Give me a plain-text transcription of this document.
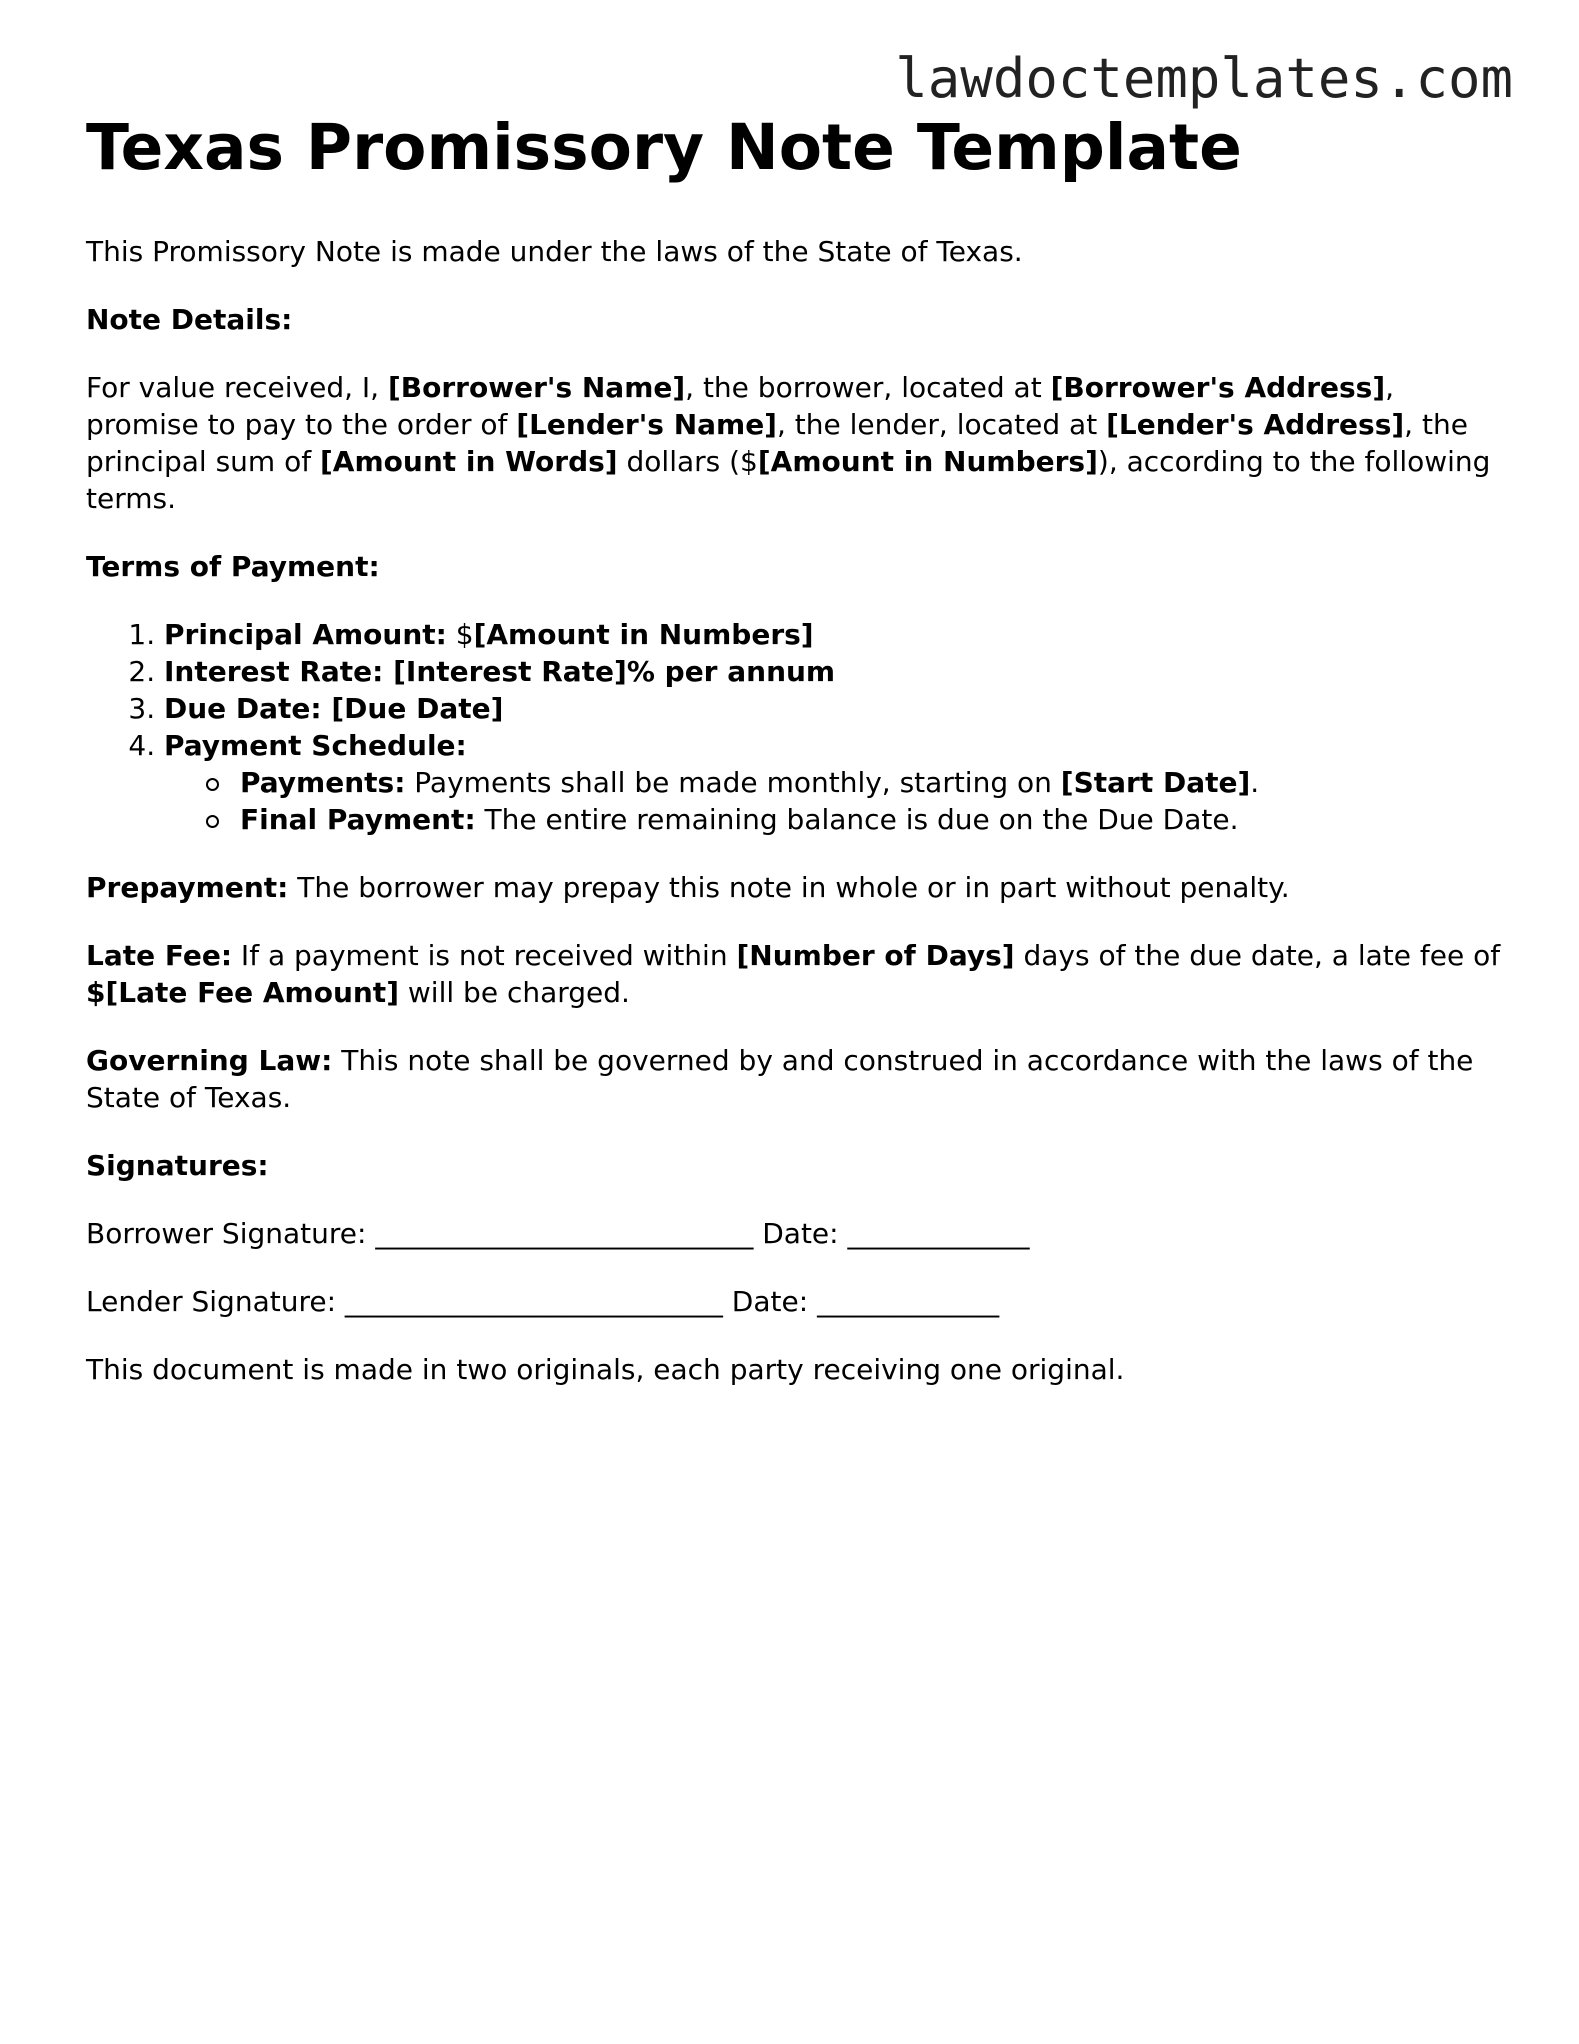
lawdoctemplates.com
Texas Promissory Note Template

This Promissory Note is made under the laws of the State of Texas.

Note Details:

For value received, I, [Borrower's Name], the borrower, located at [Borrower's Address], promise to pay to the order of [Lender's Name], the lender, located at [Lender's Address], the principal sum of [Amount in Words] dollars ($[Amount in Numbers]), according to the following terms.

Terms of Payment:

1. Principal Amount: $[Amount in Numbers]
2. Interest Rate: [Interest Rate]% per annum
3. Due Date: [Due Date]
4. Payment Schedule:
Payments: Payments shall be made monthly, starting on [Start Date].
Final Payment: The entire remaining balance is due on the Due Date.

Prepayment: The borrower may prepay this note in whole or in part without penalty.

Late Fee: If a payment is not received within [Number of Days] days of the due date, a late fee of $[Late Fee Amount] will be charged.

Governing Law: This note shall be governed by and construed in accordance with the laws of the State of Texas.

Signatures:

Borrower Signature: ___________________________ Date: _____________

Lender Signature: ___________________________ Date: _____________

This document is made in two originals, each party receiving one original.
